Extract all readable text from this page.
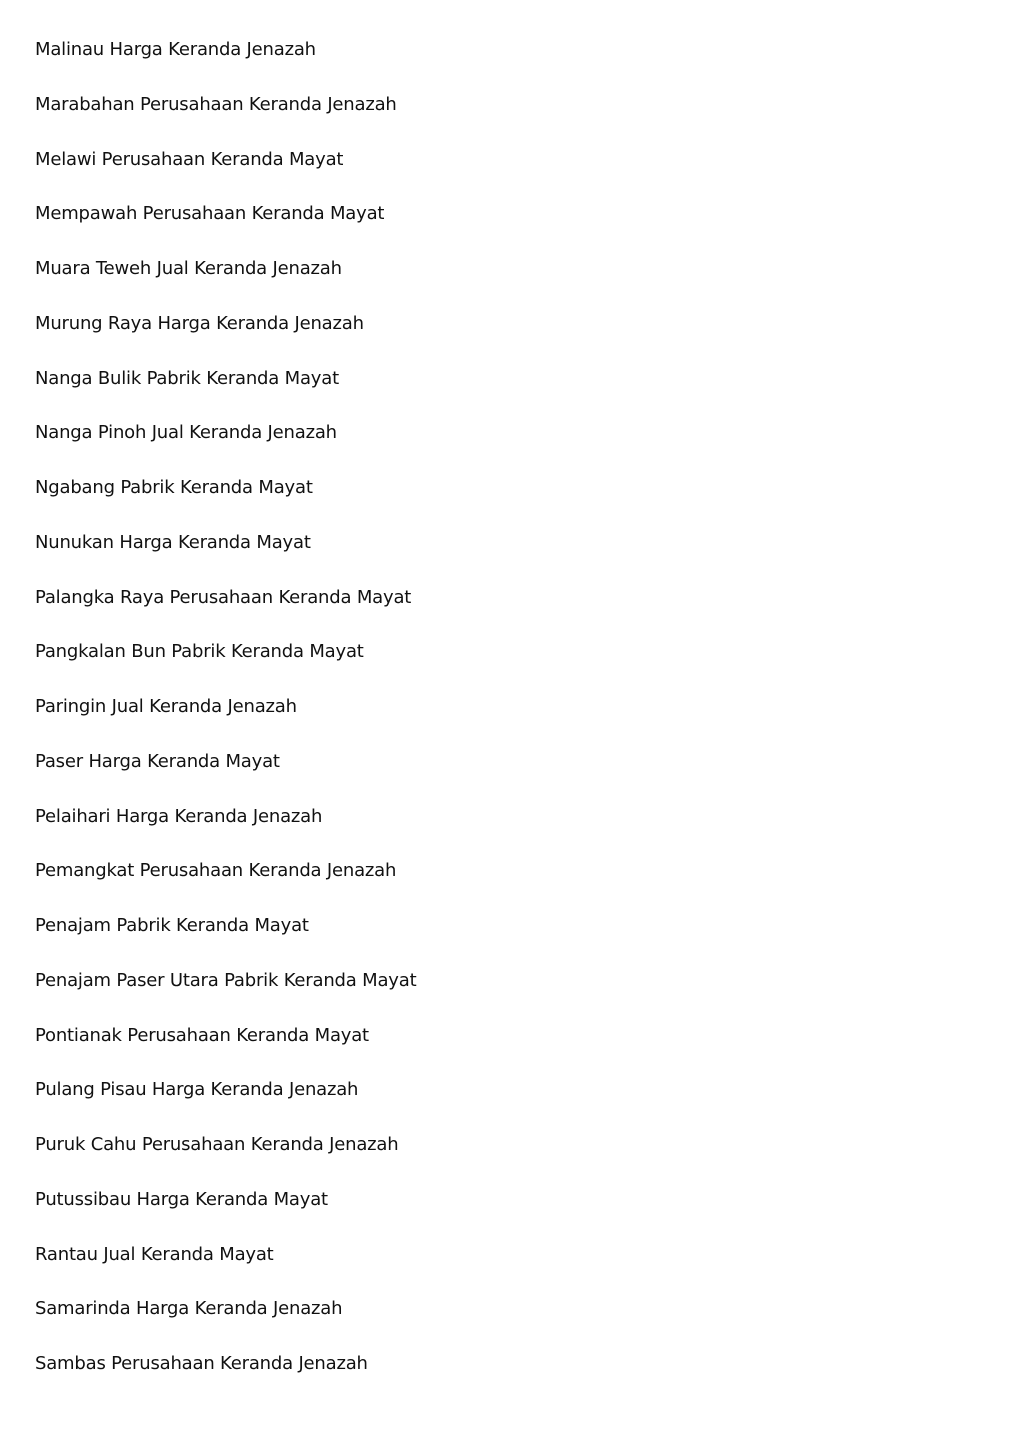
Malinau Harga Keranda Jenazah
Marabahan Perusahaan Keranda Jenazah
Melawi Perusahaan Keranda Mayat
Mempawah Perusahaan Keranda Mayat
Muara Teweh Jual Keranda Jenazah
Murung Raya Harga Keranda Jenazah
Nanga Bulik Pabrik Keranda Mayat
Nanga Pinoh Jual Keranda Jenazah
Ngabang Pabrik Keranda Mayat
Nunukan Harga Keranda Mayat
Palangka Raya Perusahaan Keranda Mayat
Pangkalan Bun Pabrik Keranda Mayat
Paringin Jual Keranda Jenazah
Paser Harga Keranda Mayat
Pelaihari Harga Keranda Jenazah
Pemangkat Perusahaan Keranda Jenazah
Penajam Pabrik Keranda Mayat
Penajam Paser Utara Pabrik Keranda Mayat
Pontianak Perusahaan Keranda Mayat
Pulang Pisau Harga Keranda Jenazah
Puruk Cahu Perusahaan Keranda Jenazah
Putussibau Harga Keranda Mayat
Rantau Jual Keranda Mayat
Samarinda Harga Keranda Jenazah
Sambas Perusahaan Keranda Jenazah
